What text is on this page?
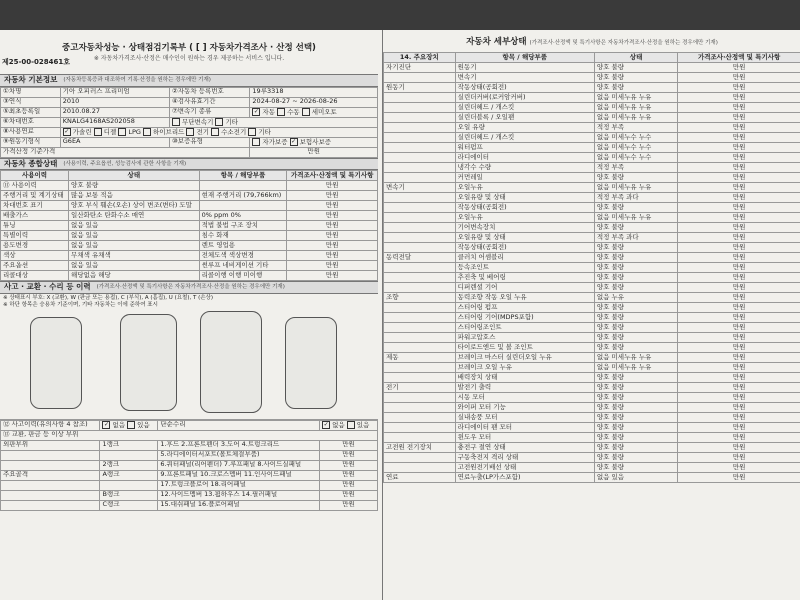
중고자동차성능 · 상태점검기록부 ( [ ] 자동차가격조사 · 산정 선택)
※ 자동차가격조사·산정은 매수인이 원하는 경우 제공하는 서비스 입니다.
제25-00-028461호
자동차 기본정보 (자동차등록증과 대조하여 기록·산정을 원하는 경우에만 기재)
①차명	기아 오피러스 프리미엄	②자동차 등록번호	19루3318
③연식	2010	④검사유효기간	2024-08-27 ~ 2026-08-26
⑤최초등록일	2010.08.27	⑦변속기 종류	✓자동 수동 세미오토
⑥차대번호	KNALG4168AS202058	무단변속기 기타	
⑧사용연료	✓가솔린 디젤 LPG 하이브리드 전기 수소전기 기타
⑨원동기형식	G6EA	⑩보증유형	자가보증 ✓ 보험사보증
가격산정 기준가격			만원
자동차 종합상태 (사용이력, 주요옵션, 성능검사에 관한 사항을 기재)
사용이력	상태	항목 / 해당부품	가격조사·산정액 및 특기사항
⑪ 사용이력	양호 불량		만원
주행거리 및 계기상태	많음 보통 적음	현재 주행거리 (79,766km)	만원
차대번호 표기	양호 부식 훼손(오손) 상이 변조(변타) 도말		만원
배출가스	일산화탄소 탄화수소 매연	0% ppm 0%	만원
튜닝	없음 있음	적법 불법 구조 장치	만원
특별이력	없음 있음	침수 화재	만원
용도변경	없음 있음	렌트 영업용	만원
색상	무채색 유채색	전체도색 색상변경	만원
주요옵션	없음 있음	썬루프 네비게이션 기타	만원
리콜대상	해당없음 해당	리콜이행 이행 미이행	만원
사고 · 교환 · 수리 등 이력 (가격조사·산정액 및 특기사항은 자동차가격조사·산정을 원하는 경우에만 기재)
※ 상태표시 부호: X (교환), W (판금 또는 용접), C (부식), A (흠집), U (요철), T (손상)
※ 하단 항목은 승용차 기준이며, 기타 자동차는 이에 준하여 표시
⑫ 사고이력(유의사항 4 참조)	✓없음 있음	단순수리	✓없음 있음
⑬ 교환, 판금 등 이상 부위			
외판부위	1랭크	1.후드 2.프론트펜더 3.도어 4.트렁크리드	만원
		5.라디에이터서포트(볼트체결부품)	만원
	2랭크	6.쿼터패널(리어펜더) 7.루프패널 8.사이드실패널	만원
주요골격	A랭크	9.프론트패널 10.크로스멤버 11.인사이드패널	만원
		17.트렁크플로어 18.리어패널	만원
	B랭크	12.사이드멤버 13.휠하우스 14.필러패널	만원
	C랭크	15.대쉬패널 16.플로어패널	만원
자동차 세부상태 (가격조사·산정액 및 특기사항은 자동차가격조사·산정을 원하는 경우에만 기재)
14. 주요장치	항목 / 해당부품	상태	가격조사·산정액 및 특기사항
자기진단	원동기	양호 불량	만원
	변속기	양호 불량	만원
원동기	작동상태(공회전)	양호 불량	만원
	실린더커버(로커암커버)	없음 미세누유 누유	만원
	실린더헤드 / 개스킷	없음 미세누유 누유	만원
	실린더블록 / 오일팬	없음 미세누유 누유	만원
	오일 유량	적정 부족	만원
	실린더헤드 / 개스킷	없음 미세누수 누수	만원
	워터펌프	없음 미세누수 누수	만원
	라디에이터	없음 미세누수 누수	만원
	냉각수 수량	적정 부족	만원
	커먼레일	양호 불량	만원
변속기	오일누유	없음 미세누유 누유	만원
	오일유량 및 상태	적정 부족 과다	만원
	작동상태(공회전)	양호 불량	만원
	오일누유	없음 미세누유 누유	만원
	기어변속장치	양호 불량	만원
	오일유량 및 상태	적정 부족 과다	만원
	작동상태(공회전)	양호 불량	만원
동력전달	클러치 어셈블리	양호 불량	만원
	등속조인트	양호 불량	만원
	추진축 및 베어링	양호 불량	만원
	디퍼렌셜 기어	양호 불량	만원
조향	동력조향 작동 오일 누유	없음 누유	만원
	스티어링 펌프	양호 불량	만원
	스티어링 기어(MDPS포함)	양호 불량	만원
	스티어링조인트	양호 불량	만원
	파워고압호스	양호 불량	만원
	타이로드엔드 및 볼 조인트	양호 불량	만원
제동	브레이크 마스터 실린더오일 누유	없음 미세누유 누유	만원
	브레이크 오일 누유	없음 미세누유 누유	만원
	배력장치 상태	양호 불량	만원
전기	발전기 출력	양호 불량	만원
	시동 모터	양호 불량	만원
	와이퍼 모터 기능	양호 불량	만원
	실내송풍 모터	양호 불량	만원
	라디에이터 팬 모터	양호 불량	만원
	윈도우 모터	양호 불량	만원
고전원 전기장치	충전구 절연 상태	양호 불량	만원
	구동축전지 격리 상태	양호 불량	만원
	고전원전기배선 상태	양호 불량	만원
연료	연료누출(LP가스포함)	없음 있음	만원
